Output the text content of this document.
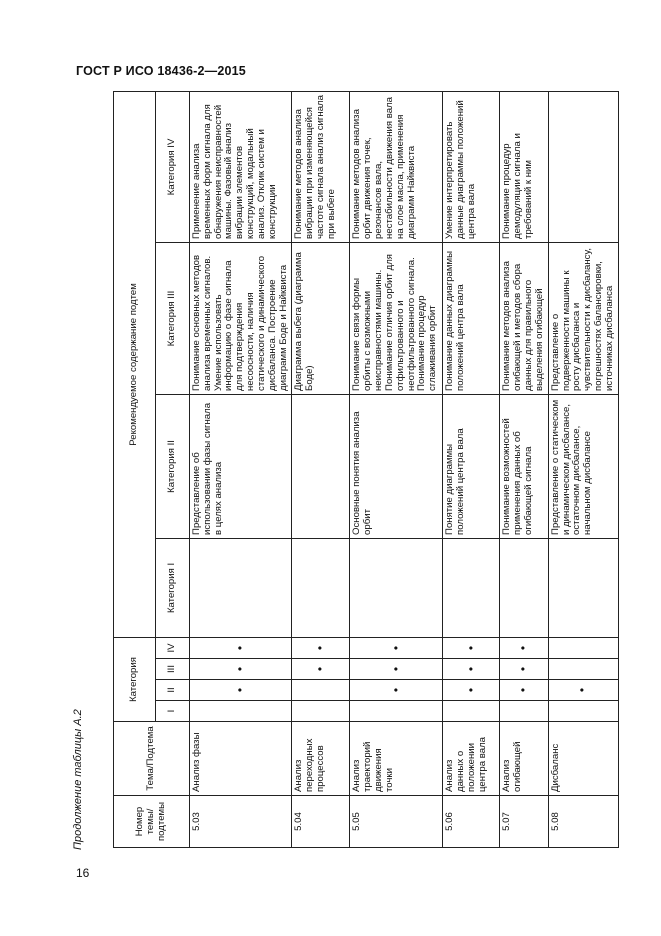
ГОСТ Р ИСО 18436-2—2015
Продолжение таблицы А.2
16
Номер темы/подтемы	Тема/Подтема	Категория				Рекомендуемое содержание подтем			
		I	II	III	IV	Категория I	Категория II	Категория III	Категория IV
5.03	Анализ фазы		•	•	•		Представление об использовании фазы сигнала в целях анализа	Понимание основных методов анализа временных сигналов. Умение использовать информацию о фазе сигнала для подтверждения несоосности, наличия статического и динамического дисбаланса. Построение диаграмм Боде и Найквиста	Применение анализа временных форм сигнала для обнаружения неисправностей машины. Фазовый анализ вибрации элементов конструкций, модальный анализ. Отклик систем и конструкции
5.04	Анализ переходных процессов			•	•			Диаграмма выбега (диаграмма Боде)	Понимание методов анализа вибрации при изменяющейся частоте сигнала анализ сигнала при выбеге
5.05	Анализ траекторий движения точки		•	•	•		Основные понятия анализа орбит	Понимание связи формы орбиты с возможными неисправностями машины. Понимание отличия орбит для отфильтрованного и неотфильтрованного сигнала. Понимание процедур сглаживания орбит	Понимание методов анализа орбит движения точек, резонансов вала, нестабильности движения вала на слое масла, применения диаграмм Найквиста
5.06	Анализ данных о положении центра вала		•	•	•		Понятие диаграммы положений центра вала	Понимание данных диаграммы положений центра вала	Умение интерпретировать данные диаграммы положений центра вала
5.07	Анализ огибающей		•	•	•		Понимание возможностей применения данных об огибающей сигнала	Понимание методов анализа огибающей и методов сбора данных для правильного выделения огибающей	Понимание процедур демодуляции сигнала и требований к ним
5.08	Дисбаланс		•				Представление о статическом и динамическом дисбалансе, остаточном дисбалансе, начальном дисбалансе	Представление о подверженности машины к росту дисбаланса и чувствительности к дисбалансу, погрешностях балансировки, источниках дисбаланса	
